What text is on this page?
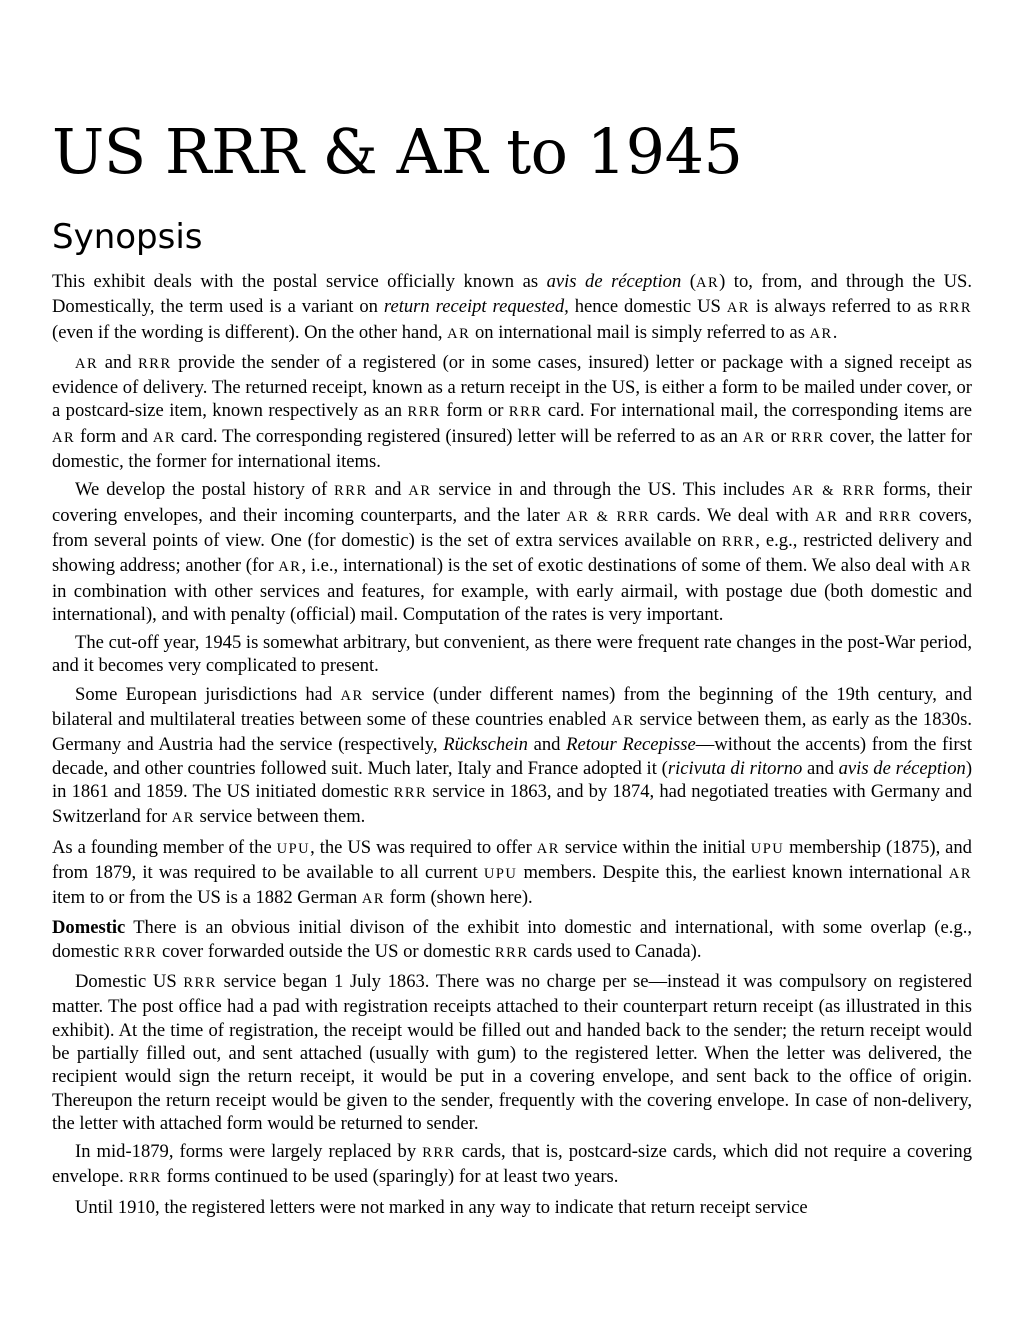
US RRR & AR to 1945
Synopsis

This exhibit deals with the postal service officially known as avis de réception (AR) to, from, and through the US. Domestically, the term used is a variant on return receipt requested, hence domestic US AR is always referred to as RRR (even if the wording is different). On the other hand, AR on international mail is simply referred to as AR.

AR and RRR provide the sender of a registered (or in some cases, insured) letter or package with a signed receipt as evidence of delivery. The returned receipt, known as a return receipt in the US, is either a form to be mailed under cover, or a postcard-size item, known respectively as an RRR form or RRR card. For international mail, the corresponding items are AR form and AR card. The corresponding registered (insured) letter will be referred to as an AR or RRR cover, the latter for domestic, the former for international items.

We develop the postal history of RRR and AR service in and through the US. This includes AR & RRR forms, their covering envelopes, and their incoming counterparts, and the later AR & RRR cards. We deal with AR and RRR covers, from several points of view. One (for domestic) is the set of extra services available on RRR, e.g., restricted delivery and showing address; another (for AR, i.e., international) is the set of exotic destinations of some of them. We also deal with AR in combination with other services and features, for example, with early airmail, with postage due (both domestic and international), and with penalty (official) mail. Computation of the rates is very important.

The cut-off year, 1945 is somewhat arbitrary, but convenient, as there were frequent rate changes in the post-War period, and it becomes very complicated to present.

Some European jurisdictions had AR service (under different names) from the beginning of the 19th century, and bilateral and multilateral treaties between some of these countries enabled AR service between them, as early as the 1830s. Germany and Austria had the service (respectively, Rückschein and Retour Recepisse—without the accents) from the first decade, and other countries followed suit. Much later, Italy and France adopted it (ricivuta di ritorno and avis de réception) in 1861 and 1859. The US initiated domestic RRR service in 1863, and by 1874, had negotiated treaties with Germany and Switzerland for AR service between them.

As a founding member of the UPU, the US was required to offer AR service within the initial UPU membership (1875), and from 1879, it was required to be available to all current UPU members. Despite this, the earliest known international AR item to or from the US is a 1882 German AR form (shown here).

Domestic There is an obvious initial divison of the exhibit into domestic and international, with some overlap (e.g., domestic RRR cover forwarded outside the US or domestic RRR cards used to Canada).

Domestic US RRR service began 1 July 1863. There was no charge per se—instead it was compulsory on registered matter. The post office had a pad with registration receipts attached to their counterpart return receipt (as illustrated in this exhibit). At the time of registration, the receipt would be filled out and handed back to the sender; the return receipt would be partially filled out, and sent attached (usually with gum) to the registered letter. When the letter was delivered, the recipient would sign the return receipt, it would be put in a covering envelope, and sent back to the office of origin. Thereupon the return receipt would be given to the sender, frequently with the covering envelope. In case of non-delivery, the letter with attached form would be returned to sender.

In mid-1879, forms were largely replaced by RRR cards, that is, postcard-size cards, which did not require a covering envelope. RRR forms continued to be used (sparingly) for at least two years.

Until 1910, the registered letters were not marked in any way to indicate that return receipt service
